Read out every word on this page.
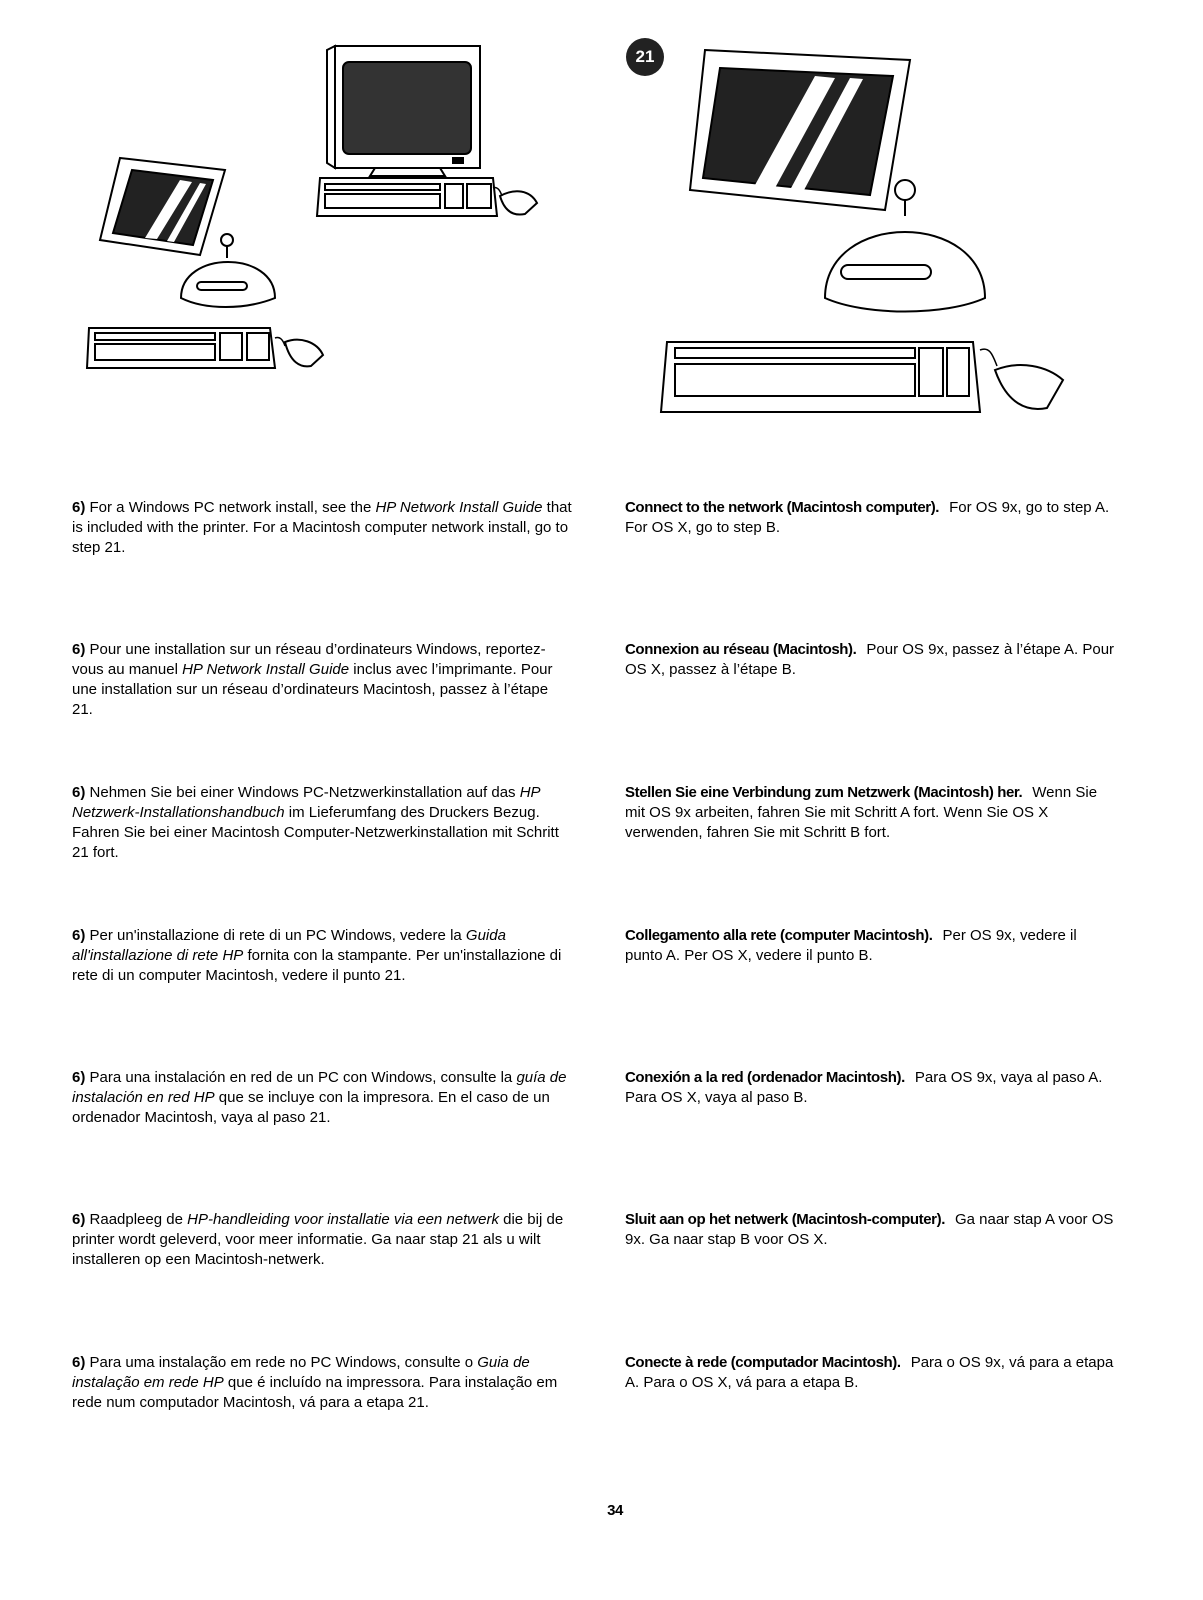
21
6) For a Windows PC network install, see the HP Network Install Guide that is included with the printer. For a Macintosh computer network install, go to step 21.
Connect to the network (Macintosh computer). For OS 9x, go to step A. For OS X, go to step B.
6) Pour une installation sur un réseau d’ordinateurs Windows, reportez-vous au manuel HP Network Install Guide inclus avec l’imprimante. Pour une installation sur un réseau d’ordinateurs Macintosh, passez à l’étape 21.
Connexion au réseau (Macintosh). Pour OS 9x, passez à l’étape A. Pour OS X, passez à l’étape B.
6) Nehmen Sie bei einer Windows PC-Netzwerkinstallation auf das HP Netzwerk-Installationshandbuch im Lieferumfang des Druckers Bezug. Fahren Sie bei einer Macintosh Computer-Netzwerkinstallation mit Schritt 21 fort.
Stellen Sie eine Verbindung zum Netzwerk (Macintosh) her. Wenn Sie mit OS 9x arbeiten, fahren Sie mit Schritt A fort. Wenn Sie OS X verwenden, fahren Sie mit Schritt B fort.
6) Per un'installazione di rete di un PC Windows, vedere la Guida all'installazione di rete HP fornita con la stampante. Per un'installazione di rete di un computer Macintosh, vedere il punto 21.
Collegamento alla rete (computer Macintosh). Per OS 9x, vedere il punto A. Per OS X, vedere il punto B.
6) Para una instalación en red de un PC con Windows, consulte la guía de instalación en red HP que se incluye con la impresora. En el caso de un ordenador Macintosh, vaya al paso 21.
Conexión a la red (ordenador Macintosh). Para OS 9x, vaya al paso A. Para OS X, vaya al paso B.
6) Raadpleeg de HP-handleiding voor installatie via een netwerk die bij de printer wordt geleverd, voor meer informatie. Ga naar stap 21 als u wilt installeren op een Macintosh-netwerk.
Sluit aan op het netwerk (Macintosh-computer). Ga naar stap A voor OS 9x. Ga naar stap B voor OS X.
6) Para uma instalação em rede no PC Windows, consulte o Guia de instalação em rede HP que é incluído na impressora. Para instalação em rede num computador Macintosh, vá para a etapa 21.
Conecte à rede (computador Macintosh). Para o OS 9x, vá para a etapa A. Para o OS X, vá para a etapa B.
34
